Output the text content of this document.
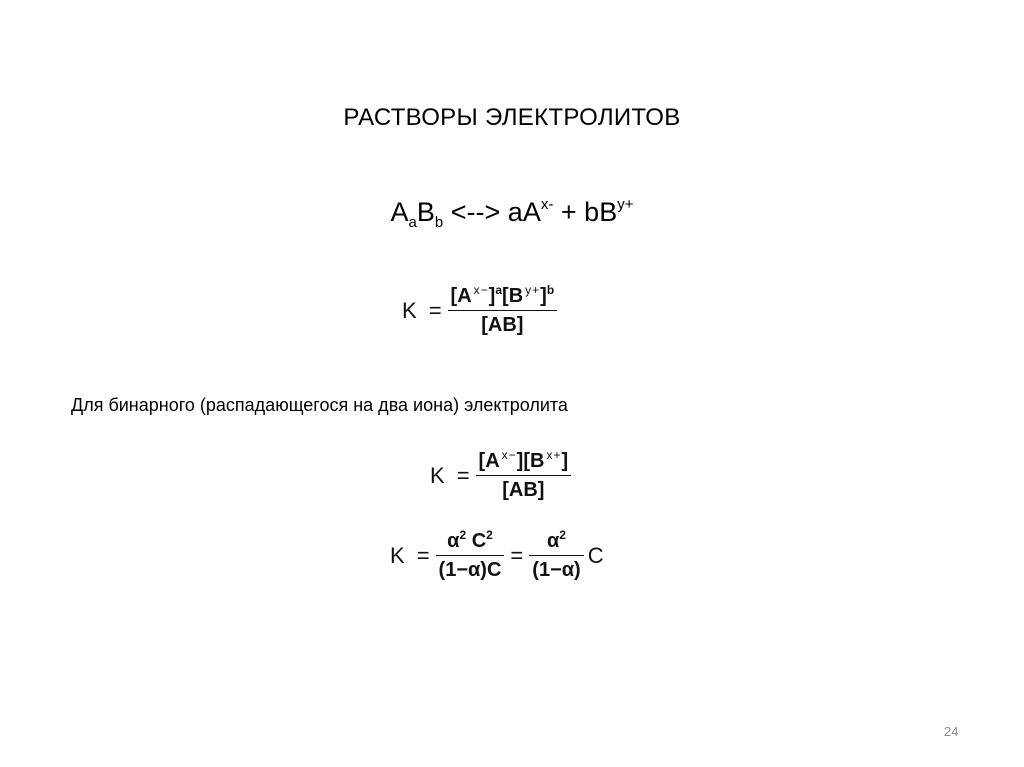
РАСТВОРЫ ЭЛЕКТРОЛИТОВ
$A_aB_b$ <--> $aA^{x-} + bB^{y+}$
$K = \frac{[A ^{x-}]^a[B ^{y+}]^b}{[AB]}$
Для бинарного (распадающегося на два иона) электролита
$K = \frac{[A ^{x-}][B ^{x+}]}{[AB]}$
$K = \frac{\alpha^2 C^2}{(1-\alpha)C} = \frac{\alpha^2}{(1-\alpha)}$ C
24
